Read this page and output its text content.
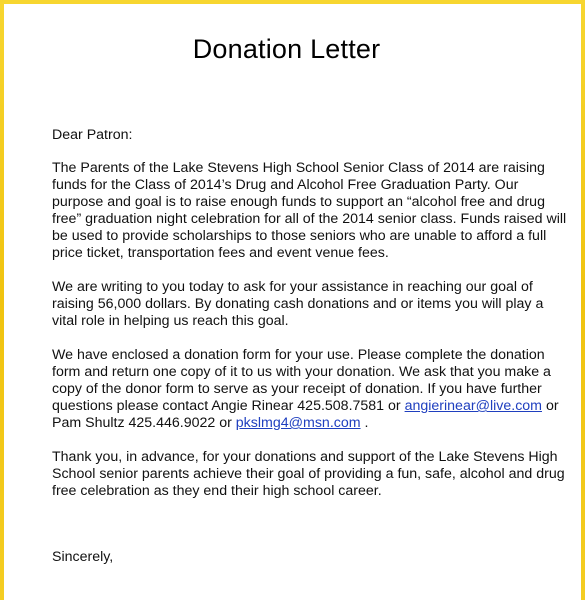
Donation Letter

Dear Patron:

The Parents of the Lake Stevens High School Senior Class of 2014 are raising funds for the Class of 2014’s Drug and Alcohol Free Graduation Party. Our purpose and goal is to raise enough funds to support an “alcohol free and drug free” graduation night celebration for all of the 2014 senior class. Funds raised will be used to provide scholarships to those seniors who are unable to afford a full price ticket, transportation fees and event venue fees.

We are writing to you today to ask for your assistance in reaching our goal of raising 56,000 dollars. By donating cash donations and or items you will play a vital role in helping us reach this goal.

We have enclosed a donation form for your use. Please complete the donation form and return one copy of it to us with your donation. We ask that you make a copy of the donor form to serve as your receipt of donation. If you have further questions please contact Angie Rinear 425.508.7581 or angierinear@live.com or Pam Shultz 425.446.9022 or pkslmg4@msn.com .

Thank you, in advance, for your donations and support of the Lake Stevens High School senior parents achieve their goal of providing a fun, safe, alcohol and drug free celebration as they end their high school career.

Sincerely,
